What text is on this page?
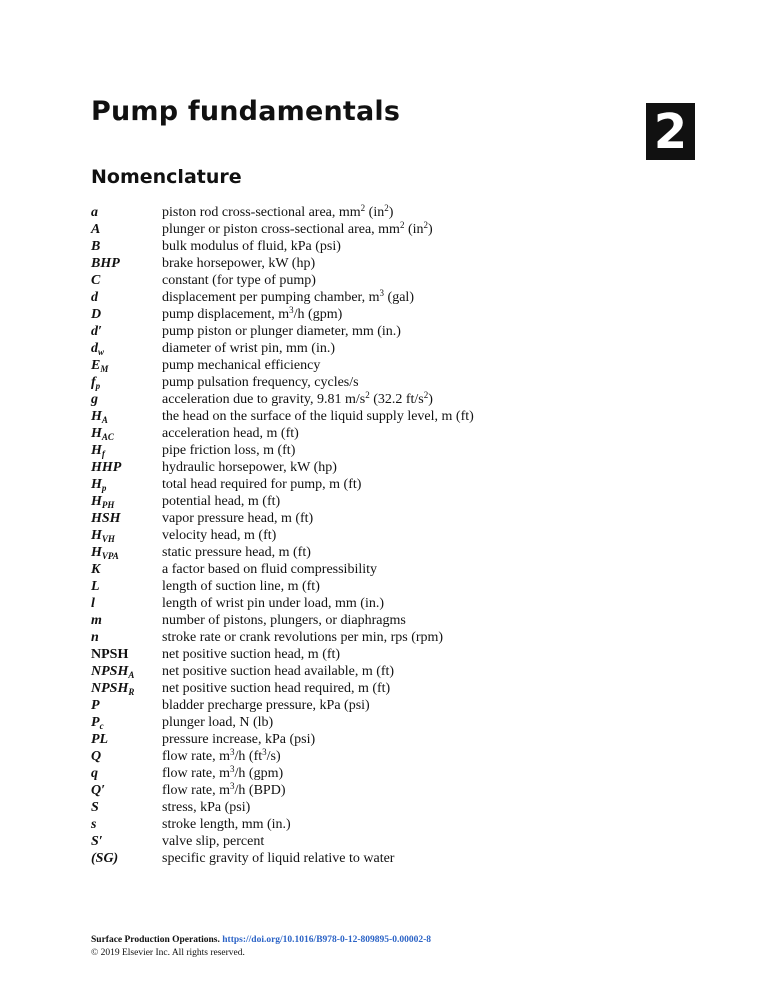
Pump fundamentals	2
Nomenclature
a	piston rod cross-sectional area, $mm^2$ $(in^2)$
A	plunger or piston cross-sectional area, $mm^2$ $(in^2)$
B	bulk modulus of fluid, kPa (psi)
BHP	brake horsepower, kW (hp)
C	constant (for type of pump)
d	displacement per pumping chamber, $m^3$ (gal)
D	pump displacement, $m^3/h$ (gpm)
d′	pump piston or plunger diameter, mm (in.)
$d_w$	diameter of wrist pin, mm (in.)
$E_M$	pump mechanical efficiency
$f_p$	pump pulsation frequency, cycles/s
g	acceleration due to gravity, 9.81 $m/s^2$ (32.2 $ft/s^2$)
$H_A$	the head on the surface of the liquid supply level, m (ft)
$H_{AC}$	acceleration head, m (ft)
$H_f$	pipe friction loss, m (ft)
HHP	hydraulic horsepower, kW (hp)
$H_p$	total head required for pump, m (ft)
$H_{PH}$	potential head, m (ft)
HSH	vapor pressure head, m (ft)
$H_{VH}$	velocity head, m (ft)
$H_{VPA}$	static pressure head, m (ft)
K	a factor based on fluid compressibility
L	length of suction line, m (ft)
l	length of wrist pin under load, mm (in.)
m	number of pistons, plungers, or diaphragms
n	stroke rate or crank revolutions per min, rps (rpm)
NPSH	net positive suction head, m (ft)
$NPSH_A$	net positive suction head available, m (ft)
$NPSH_R$	net positive suction head required, m (ft)
P	bladder precharge pressure, kPa (psi)
$P_c$	plunger load, N (lb)
PL	pressure increase, kPa (psi)
Q	flow rate, $m^3/h$ $(ft^3/s)$
q	flow rate, $m^3/h$ (gpm)
Q′	flow rate, $m^3/h$ (BPD)
S	stress, kPa (psi)
s	stroke length, mm (in.)
S′	valve slip, percent
(SG)	specific gravity of liquid relative to water
Surface Production Operations. https://doi.org/10.1016/B978-0-12-809895-0.00002-8
© 2019 Elsevier Inc. All rights reserved.
